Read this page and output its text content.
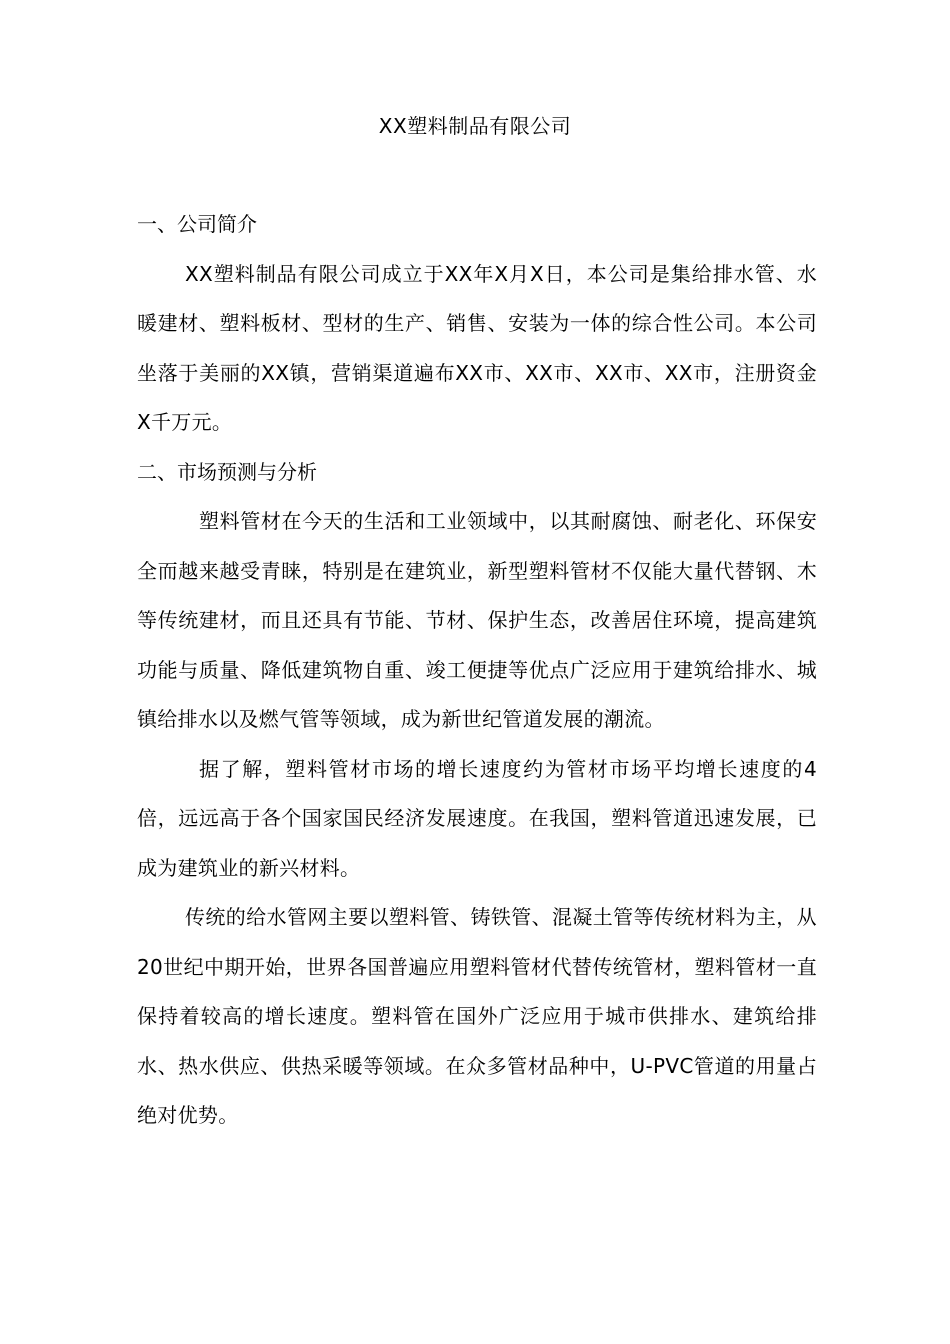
XX塑料制品有限公司

一、公司简介

XX塑料制品有限公司成立于XX年X月X日，本公司是集给排水管、水暖建材、塑料板材、型材的生产、销售、安装为一体的综合性公司。本公司坐落于美丽的XX镇，营销渠道遍布XX市、XX市、XX市、XX市，注册资金X千万元。

二、市场预测与分析

塑料管材在今天的生活和工业领域中，以其耐腐蚀、耐老化、环保安全而越来越受青睐，特别是在建筑业，新型塑料管材不仅能大量代替钢、木等传统建材，而且还具有节能、节材、保护生态，改善居住环境，提高建筑功能与质量、降低建筑物自重、竣工便捷等优点广泛应用于建筑给排水、城镇给排水以及燃气管等领域，成为新世纪管道发展的潮流。

据了解，塑料管材市场的增长速度约为管材市场平均增长速度的4倍，远远高于各个国家国民经济发展速度。在我国，塑料管道迅速发展，已成为建筑业的新兴材料。

传统的给水管网主要以塑料管、铸铁管、混凝土管等传统材料为主，从20世纪中期开始，世界各国普遍应用塑料管材代替传统管材，塑料管材一直保持着较高的增长速度。塑料管在国外广泛应用于城市供排水、建筑给排水、热水供应、供热采暖等领域。在众多管材品种中，U-PVC管道的用量占绝对优势。
